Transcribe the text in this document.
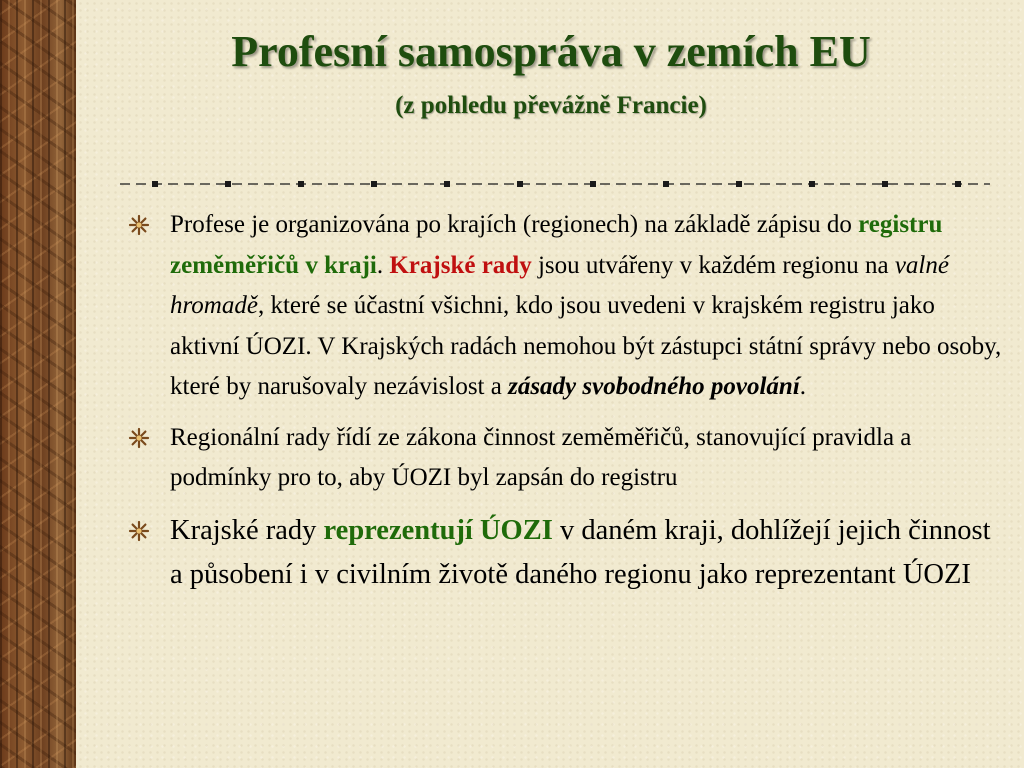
Profesní samospráva v zemích EU
(z pohledu převážně Francie)
Profese je organizována po krajích (regionech) na základě zápisu do registru zeměměřičů v kraji. Krajské rady jsou utvářeny v každém regionu na valné hromadě, které se účastní všichni, kdo jsou uvedeni v krajském registru jako aktivní ÚOZI. V Krajských radách nemohou být zástupci státní správy nebo osoby, které by narušovaly nezávislost a zásady svobodného povolání.
Regionální rady řídí ze zákona činnost zeměměřičů, stanovující pravidla a podmínky pro to, aby ÚOZI byl zapsán do registru
Krajské rady reprezentují ÚOZI v daném kraji, dohlížejí jejich činnost a působení i v civilním životě daného regionu jako reprezentant ÚOZI
